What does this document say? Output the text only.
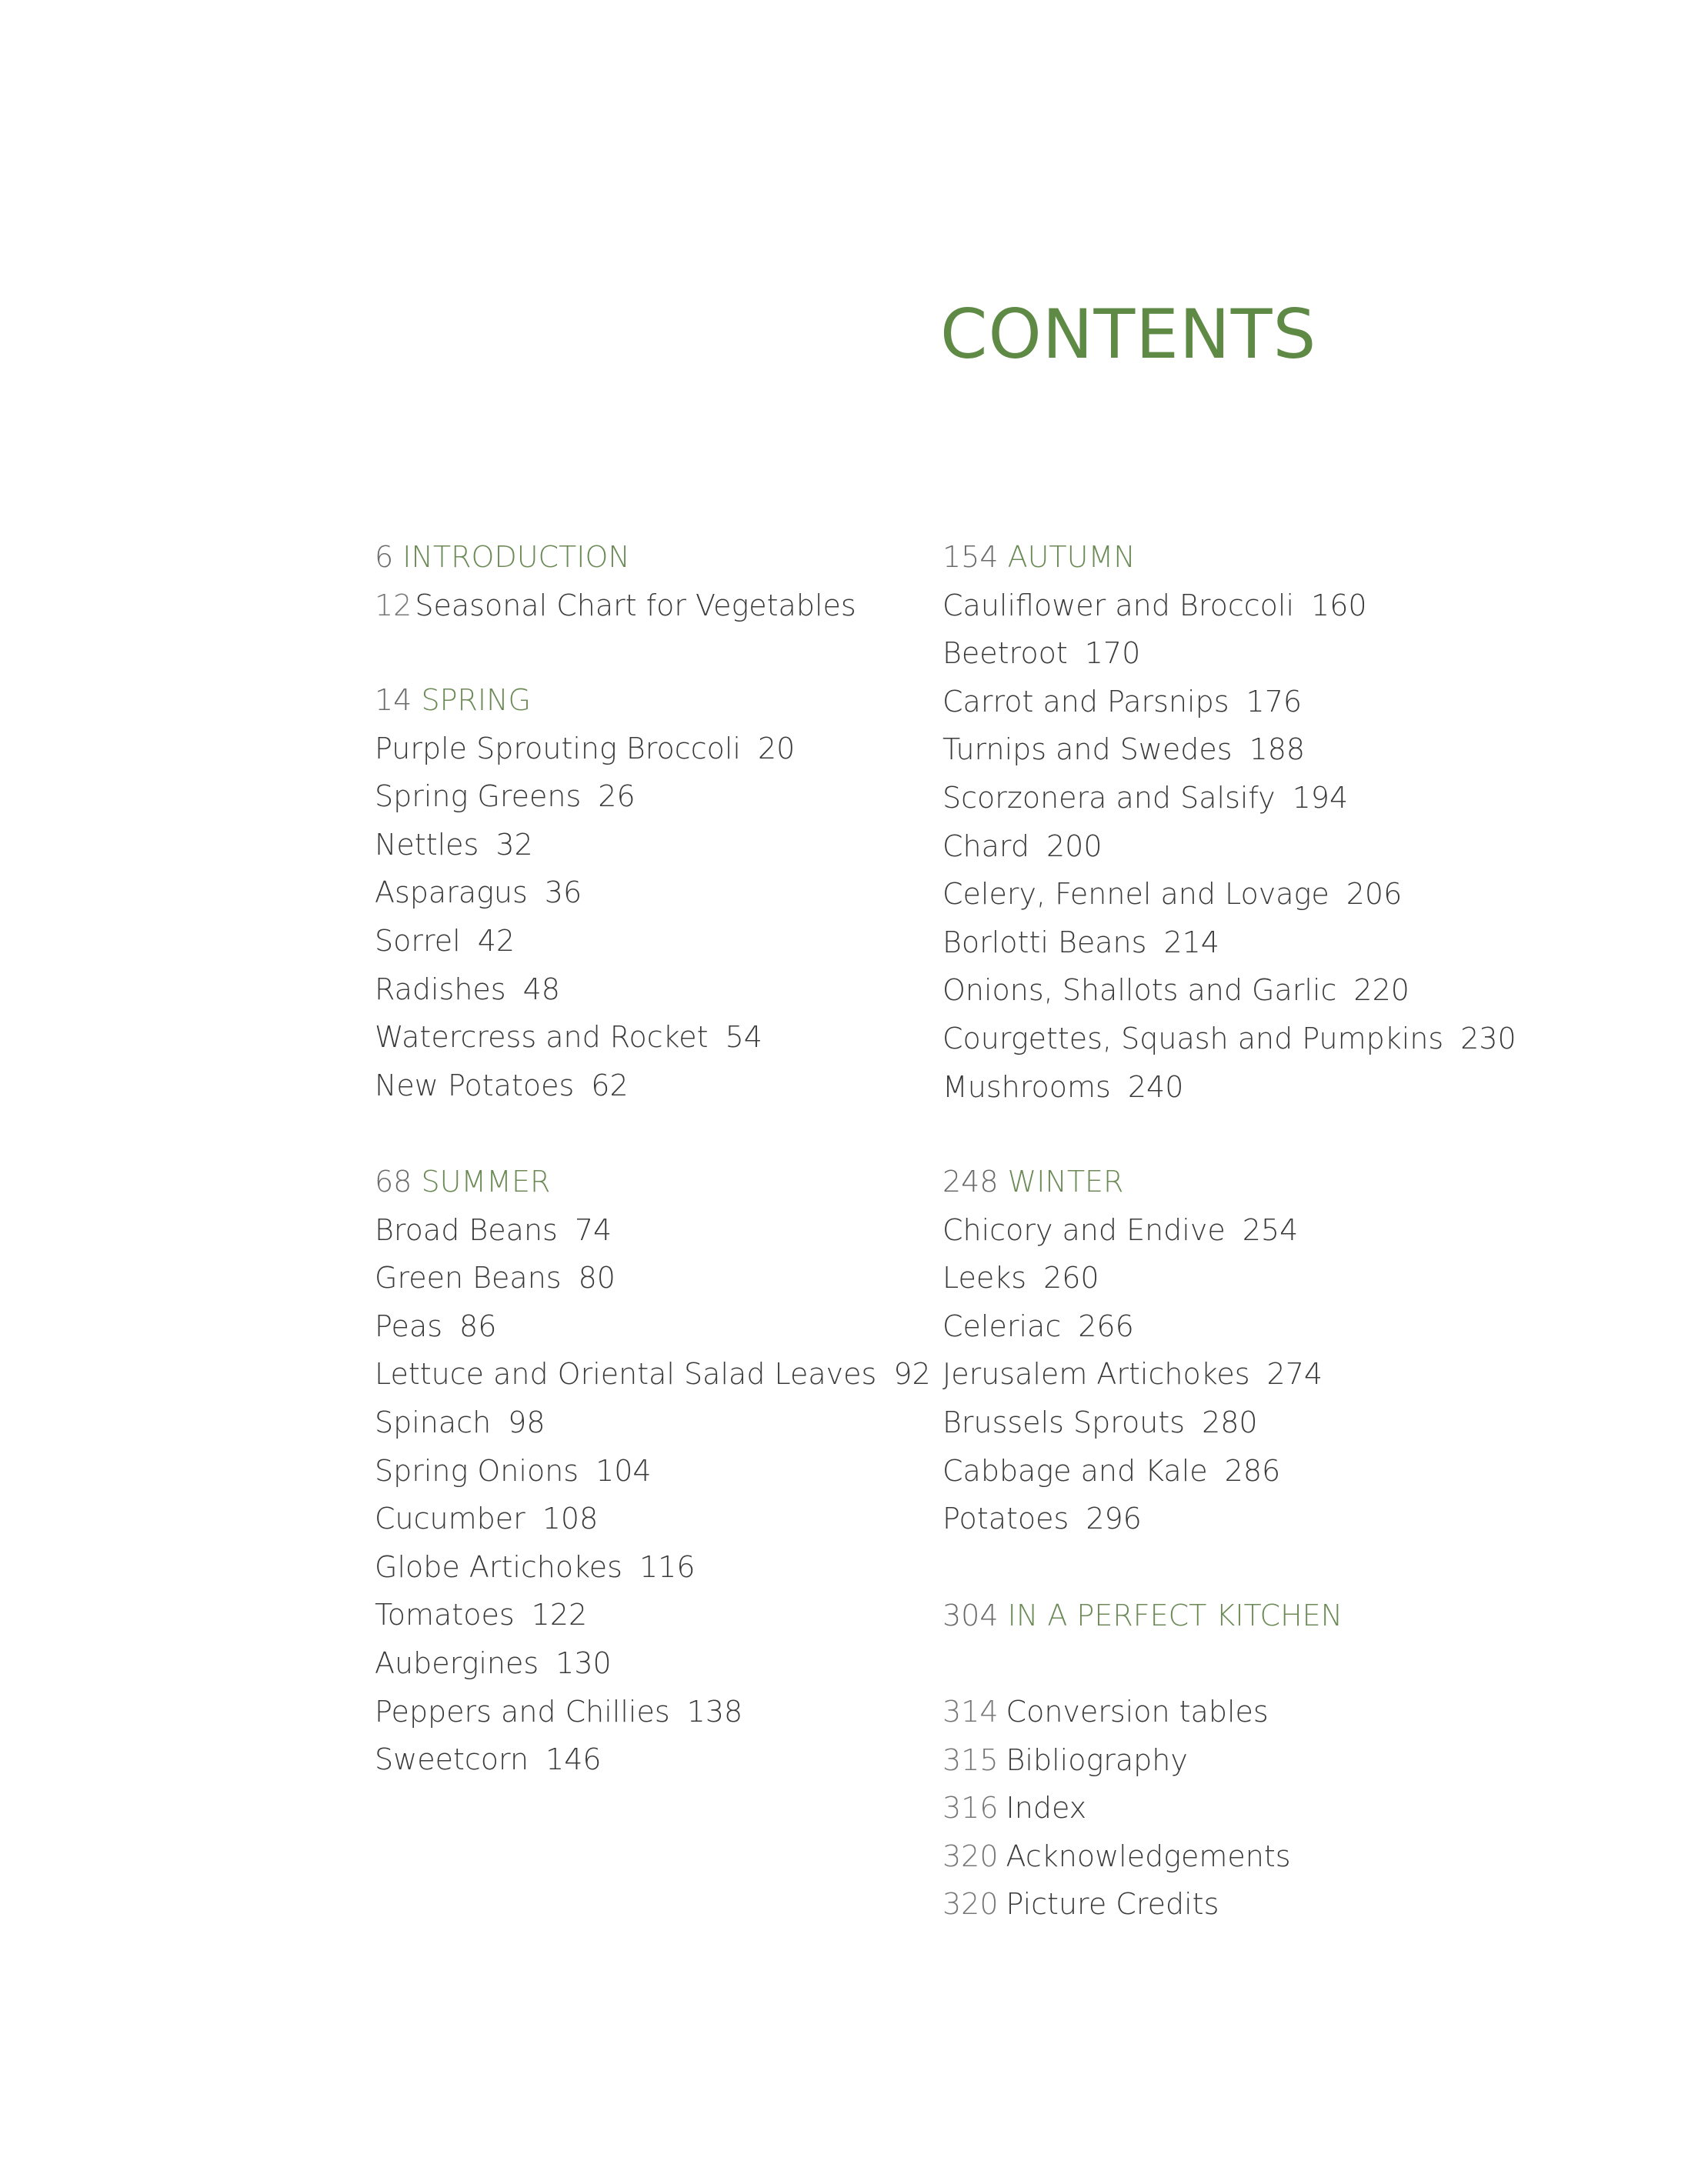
CONTENTS
6 INTRODUCTION
12 Seasonal Chart for Vegetables
14 SPRING
Purple Sprouting Broccoli 20
Spring Greens 26
Nettles 32
Asparagus 36
Sorrel 42
Radishes 48
Watercress and Rocket 54
New Potatoes 62
68 SUMMER
Broad Beans 74
Green Beans 80
Peas 86
Lettuce and Oriental Salad Leaves 92
Spinach 98
Spring Onions 104
Cucumber 108
Globe Artichokes 116
Tomatoes 122
Aubergines 130
Peppers and Chillies 138
Sweetcorn 146
154 AUTUMN
Cauliflower and Broccoli 160
Beetroot 170
Carrot and Parsnips 176
Turnips and Swedes 188
Scorzonera and Salsify 194
Chard 200
Celery, Fennel and Lovage 206
Borlotti Beans 214
Onions, Shallots and Garlic 220
Courgettes, Squash and Pumpkins 230
Mushrooms 240
248 WINTER
Chicory and Endive 254
Leeks 260
Celeriac 266
Jerusalem Artichokes 274
Brussels Sprouts 280
Cabbage and Kale 286
Potatoes 296
304 IN A PERFECT KITCHEN
314 Conversion tables
315 Bibliography
316 Index
320 Acknowledgements
320 Picture Credits
